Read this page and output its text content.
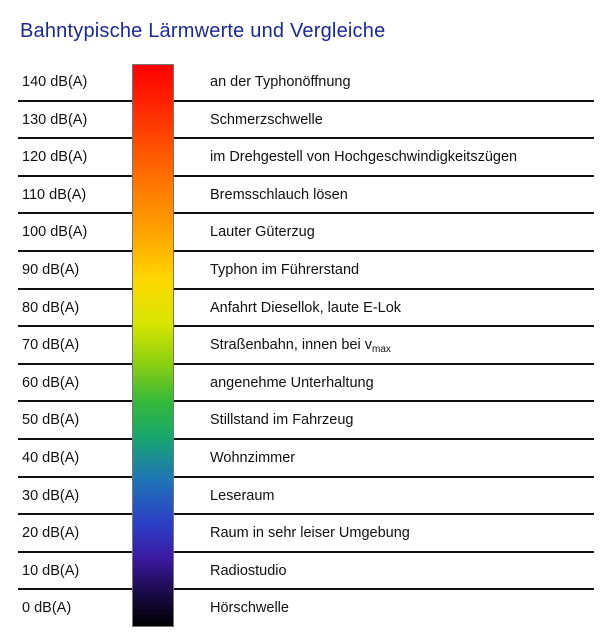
Bahntypische Lärmwerte und Vergleiche
140 dB(A)	an der Typhonöffnung
130 dB(A)	Schmerzschwelle
120 dB(A)	im Drehgestell von Hochgeschwindigkeitszügen
110 dB(A)	Bremsschlauch lösen
100 dB(A)	Lauter Güterzug
90 dB(A)	Typhon im Führerstand
80 dB(A)	Anfahrt Diesellok, laute E-Lok
70 dB(A)	Straßenbahn, innen bei $v_{max}$
60 dB(A)	angenehme Unterhaltung
50 dB(A)	Stillstand im Fahrzeug
40 dB(A)	Wohnzimmer
30 dB(A)	Leseraum
20 dB(A)	Raum in sehr leiser Umgebung
10 dB(A)	Radiostudio
0 dB(A)	Hörschwelle
